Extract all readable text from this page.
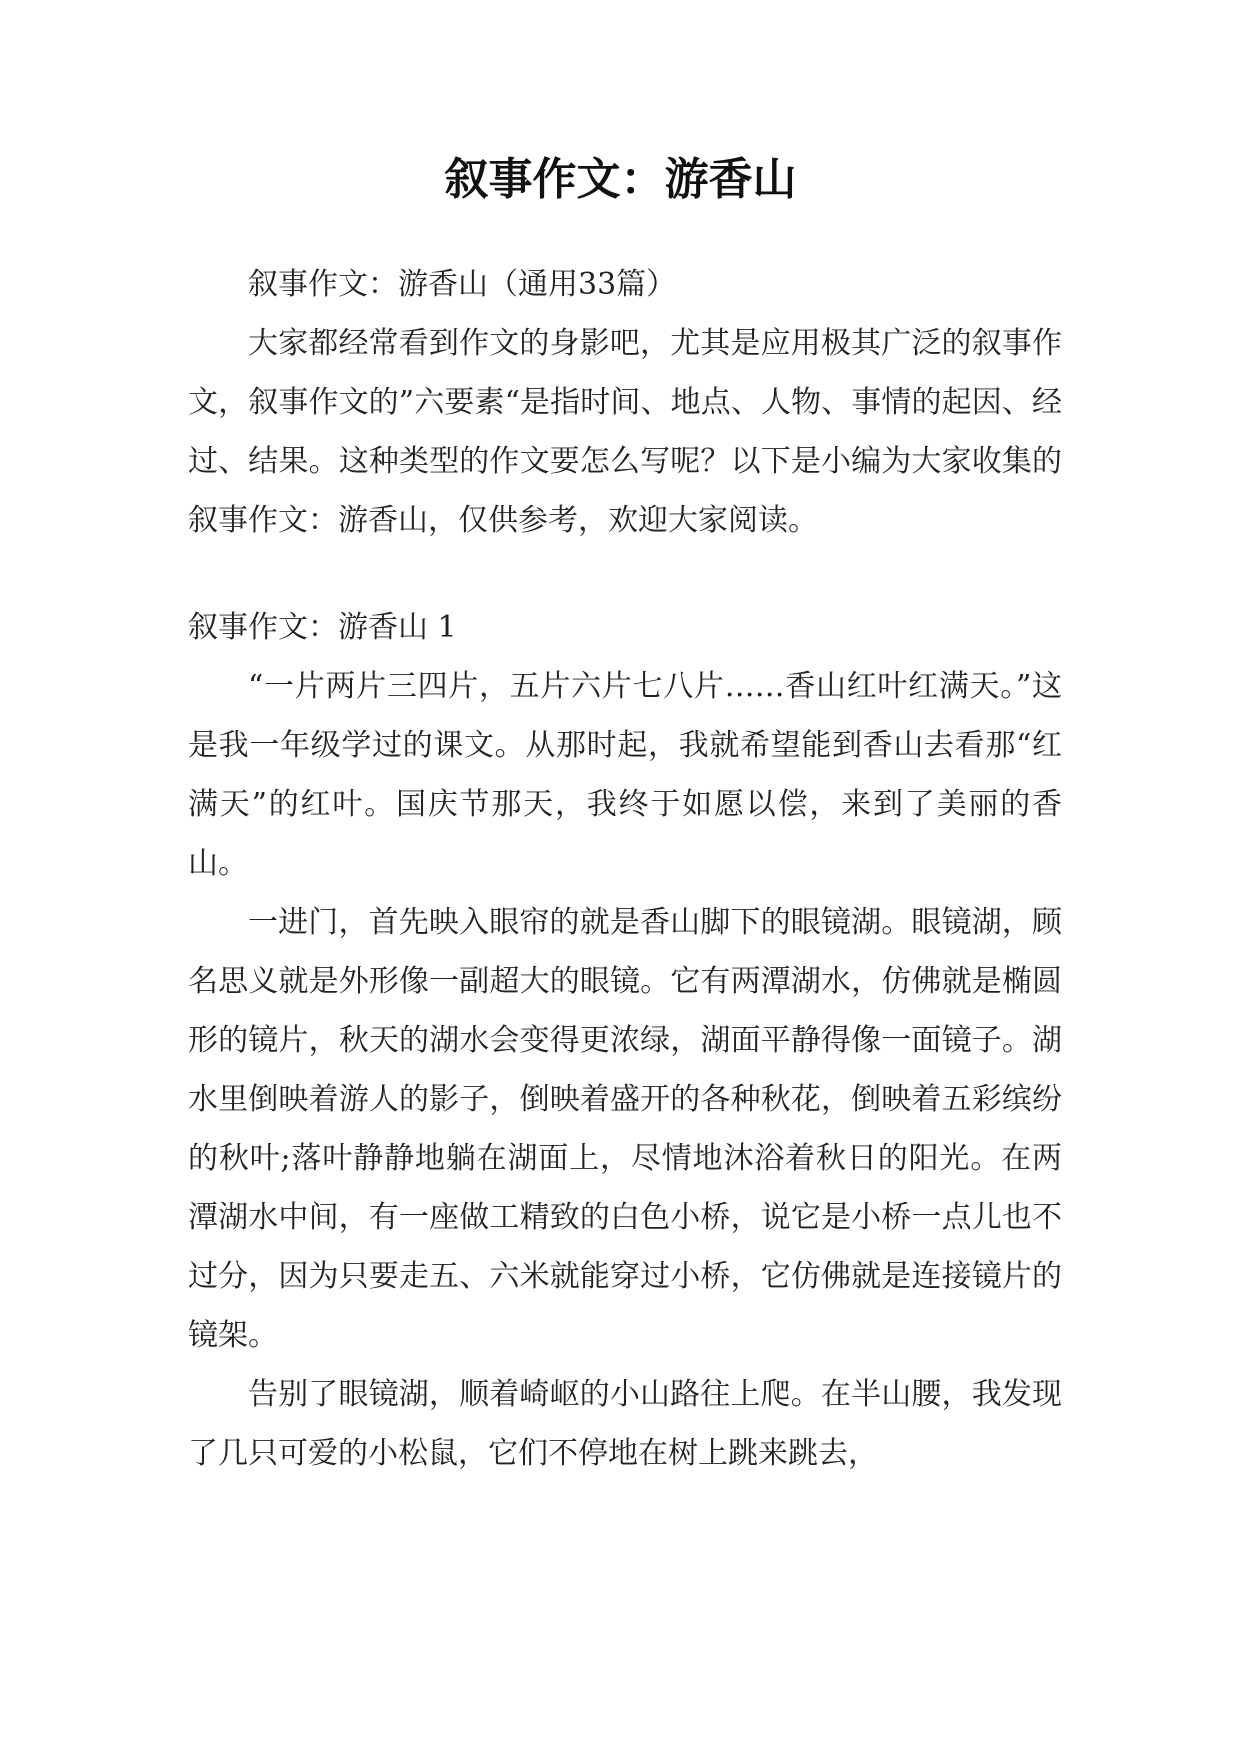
叙事作文：游香山

叙事作文：游香山（通用33篇）

大家都经常看到作文的身影吧，尤其是应用极其广泛的叙事作文，叙事作文的”六要素“是指时间、地点、人物、事情的起因、经过、结果。这种类型的作文要怎么写呢？以下是小编为大家收集的叙事作文：游香山，仅供参考，欢迎大家阅读。

叙事作文：游香山 1

“一片两片三四片，五片六片七八片……香山红叶红满天。”这是我一年级学过的课文。从那时起，我就希望能到香山去看那“红满天”的红叶。国庆节那天，我终于如愿以偿，来到了美丽的香山。

一进门，首先映入眼帘的就是香山脚下的眼镜湖。眼镜湖，顾名思义就是外形像一副超大的眼镜。它有两潭湖水，仿佛就是椭圆形的镜片，秋天的湖水会变得更浓绿，湖面平静得像一面镜子。湖水里倒映着游人的影子，倒映着盛开的各种秋花，倒映着五彩缤纷的秋叶;落叶静静地躺在湖面上，尽情地沐浴着秋日的阳光。在两潭湖水中间，有一座做工精致的白色小桥，说它是小桥一点儿也不过分，因为只要走五、六米就能穿过小桥，它仿佛就是连接镜片的镜架。

告别了眼镜湖，顺着崎岖的小山路往上爬。在半山腰，我发现了几只可爱的小松鼠，它们不停地在树上跳来跳去，
